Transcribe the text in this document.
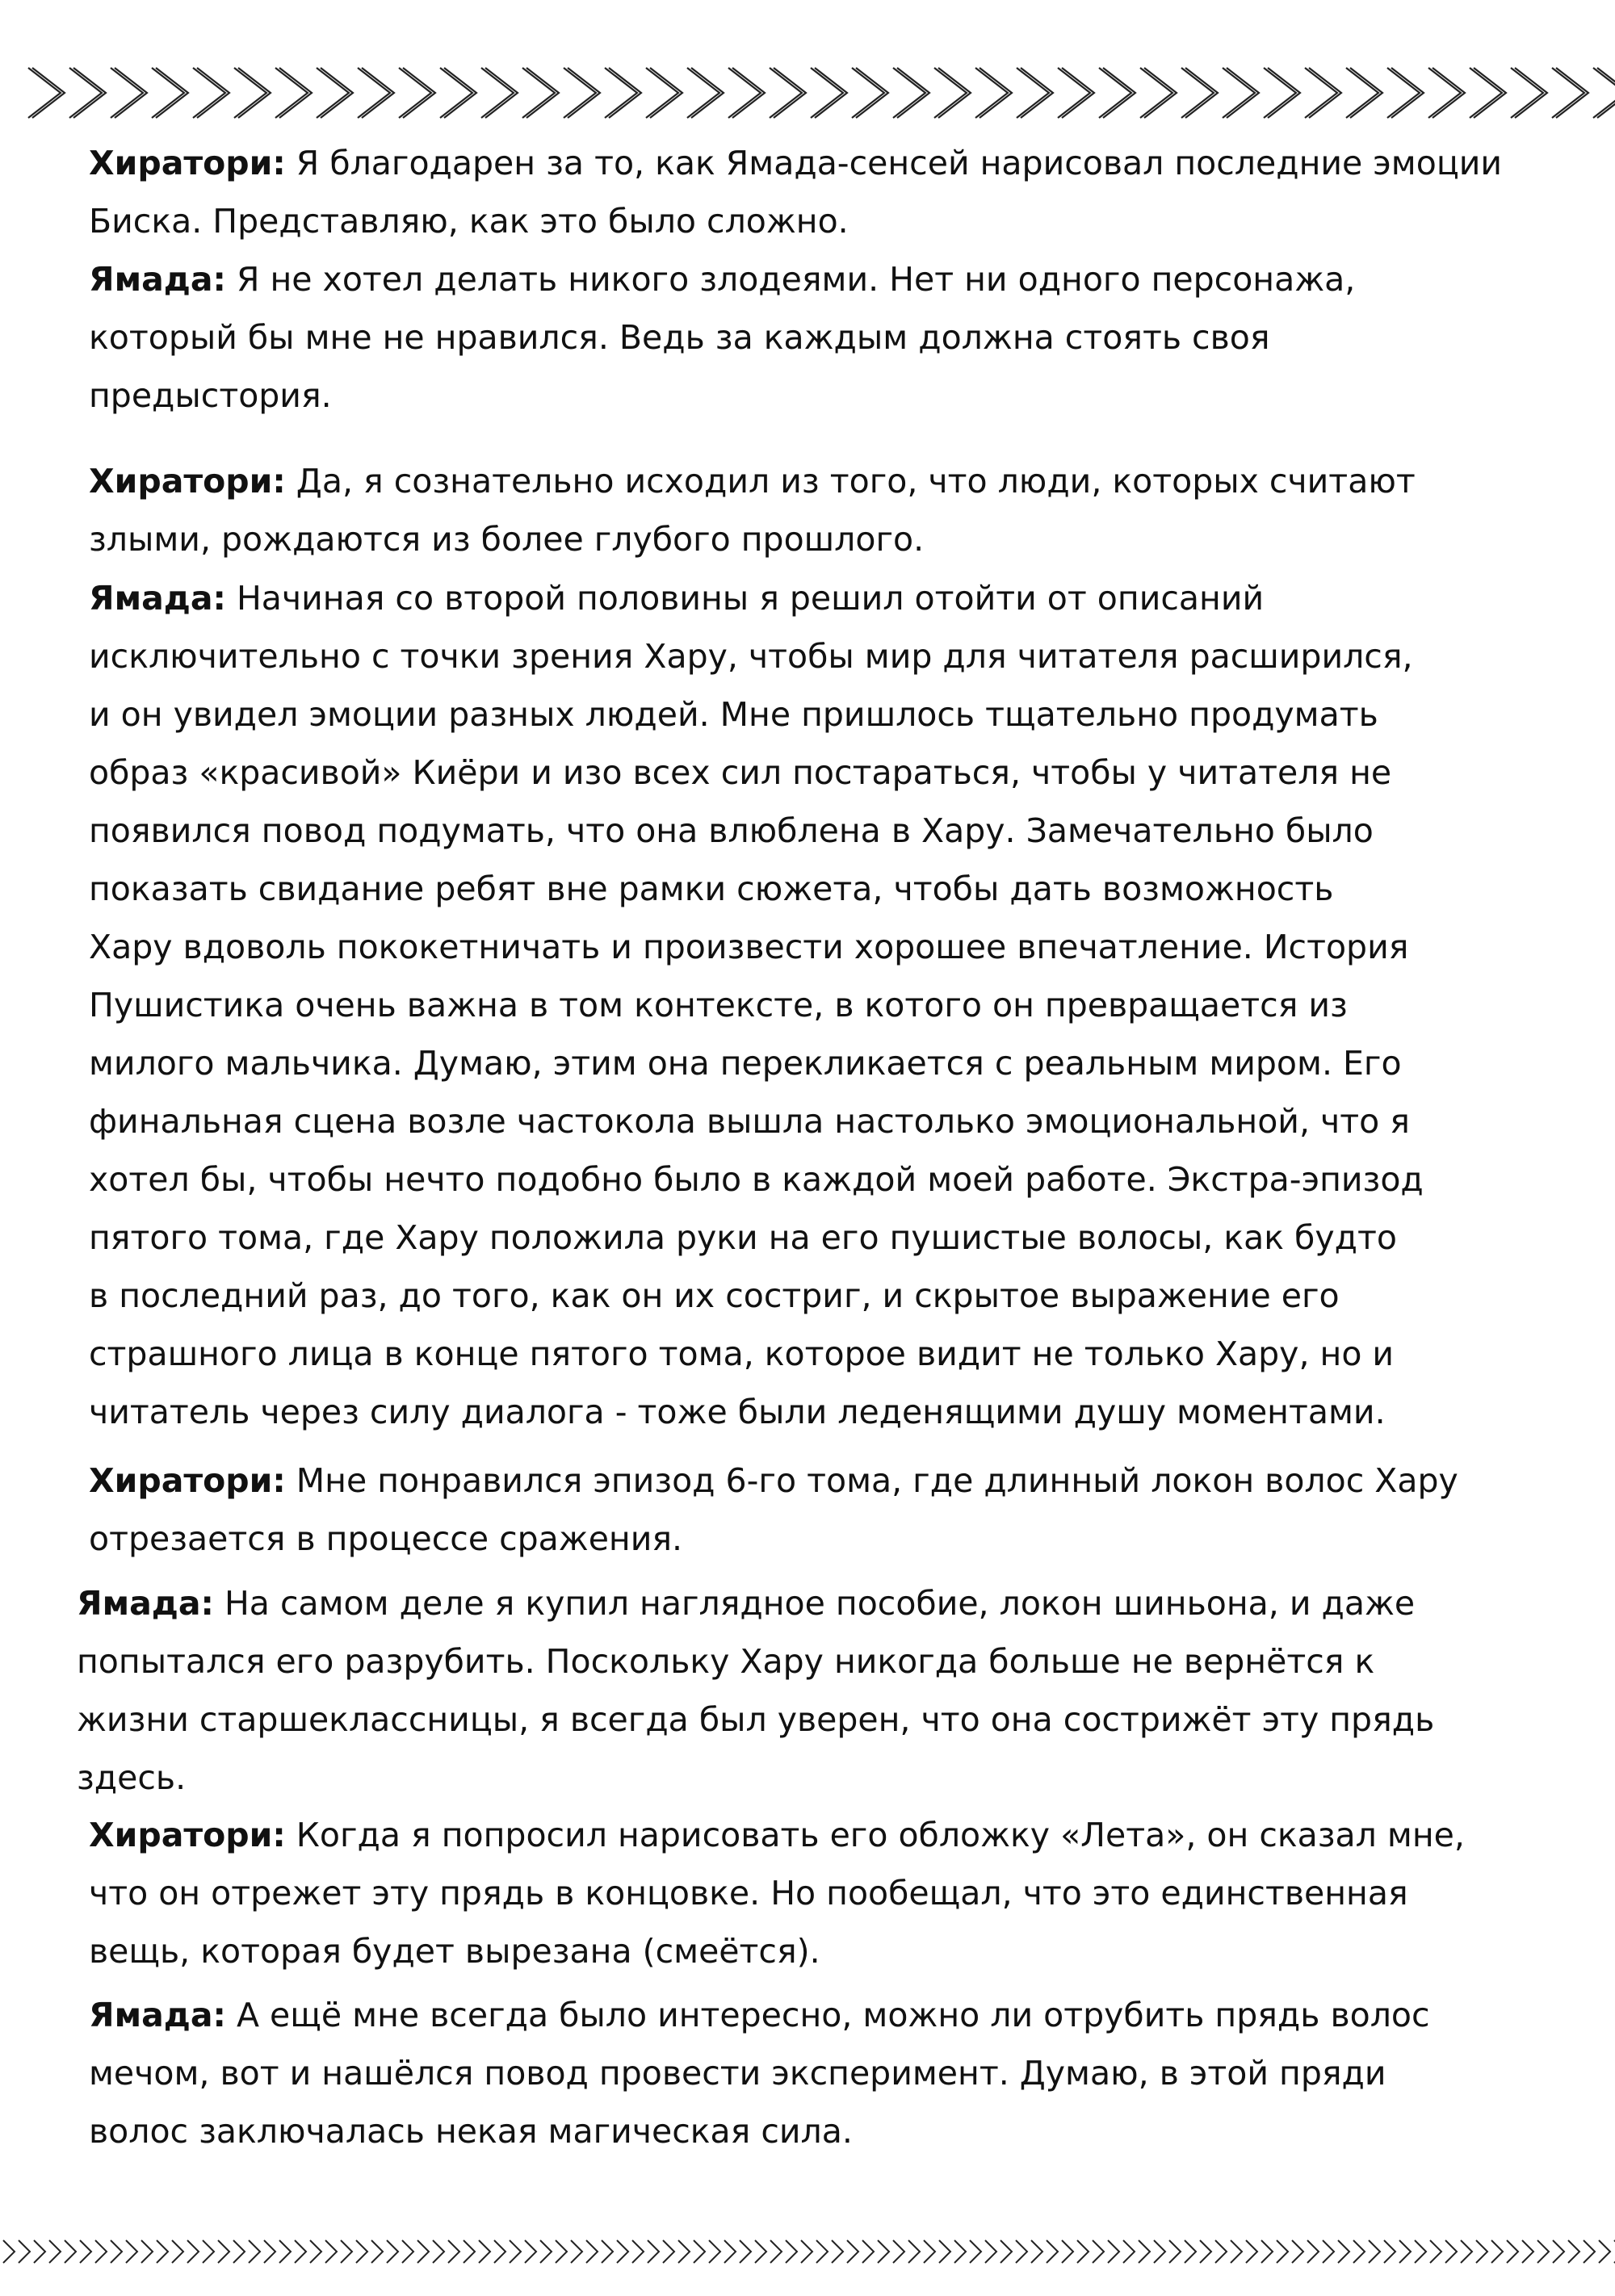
Хиратори: Я благодарен за то, как Ямада-сенсей нарисовал последние эмоции
Биска. Представляю, как это было сложно.
Ямада: Я не хотел делать никого злодеями. Нет ни одного персонажа,
который бы мне не нравился. Ведь за каждым должна стоять своя
предыстория.
Хиратори: Да, я сознательно исходил из того, что люди, которых считают
злыми, рождаются из более глубого прошлого.
Ямада: Начиная со второй половины я решил отойти от описаний
исключительно с точки зрения Хару, чтобы мир для читателя расширился,
и он увидел эмоции разных людей. Мне пришлось тщательно продумать
образ «красивой» Киёри и изо всех сил постараться, чтобы у читателя не
появился повод подумать, что она влюблена в Хару. Замечательно было
показать свидание ребят вне рамки сюжета, чтобы дать возможность
Хару вдоволь пококетничать и произвести хорошее впечатление. История
Пушистика очень важна в том контексте, в котого он превращается из
милого мальчика. Думаю, этим она перекликается с реальным миром. Его
финальная сцена возле частокола вышла настолько эмоциональной, что я
хотел бы, чтобы нечто подобно было в каждой моей работе. Экстра-эпизод
пятого тома, где Хару положила руки на его пушистые волосы, как будто
в последний раз, до того, как он их состриг, и скрытое выражение его
страшного лица в конце пятого тома, которое видит не только Хару, но и
читатель через силу диалога - тоже были леденящими душу моментами.
Хиратори: Мне понравился эпизод 6-го тома, где длинный локон волос Хару
отрезается в процессе сражения.
Ямада: На самом деле я купил наглядное пособие, локон шиньона, и даже
попытался его разрубить. Поскольку Хару никогда больше не вернётся к
жизни старшеклассницы, я всегда был уверен, что она сострижёт эту прядь
здесь.
Хиратори: Когда я попросил нарисовать его обложку «Лета», он сказал мне,
что он отрежет эту прядь в концовке. Но пообещал, что это единственная
вещь, которая будет вырезана (смеётся).
Ямада: А ещё мне всегда было интересно, можно ли отрубить прядь волос
мечом, вот и нашёлся повод провести эксперимент. Думаю, в этой пряди
волос заключалась некая магическая сила.
